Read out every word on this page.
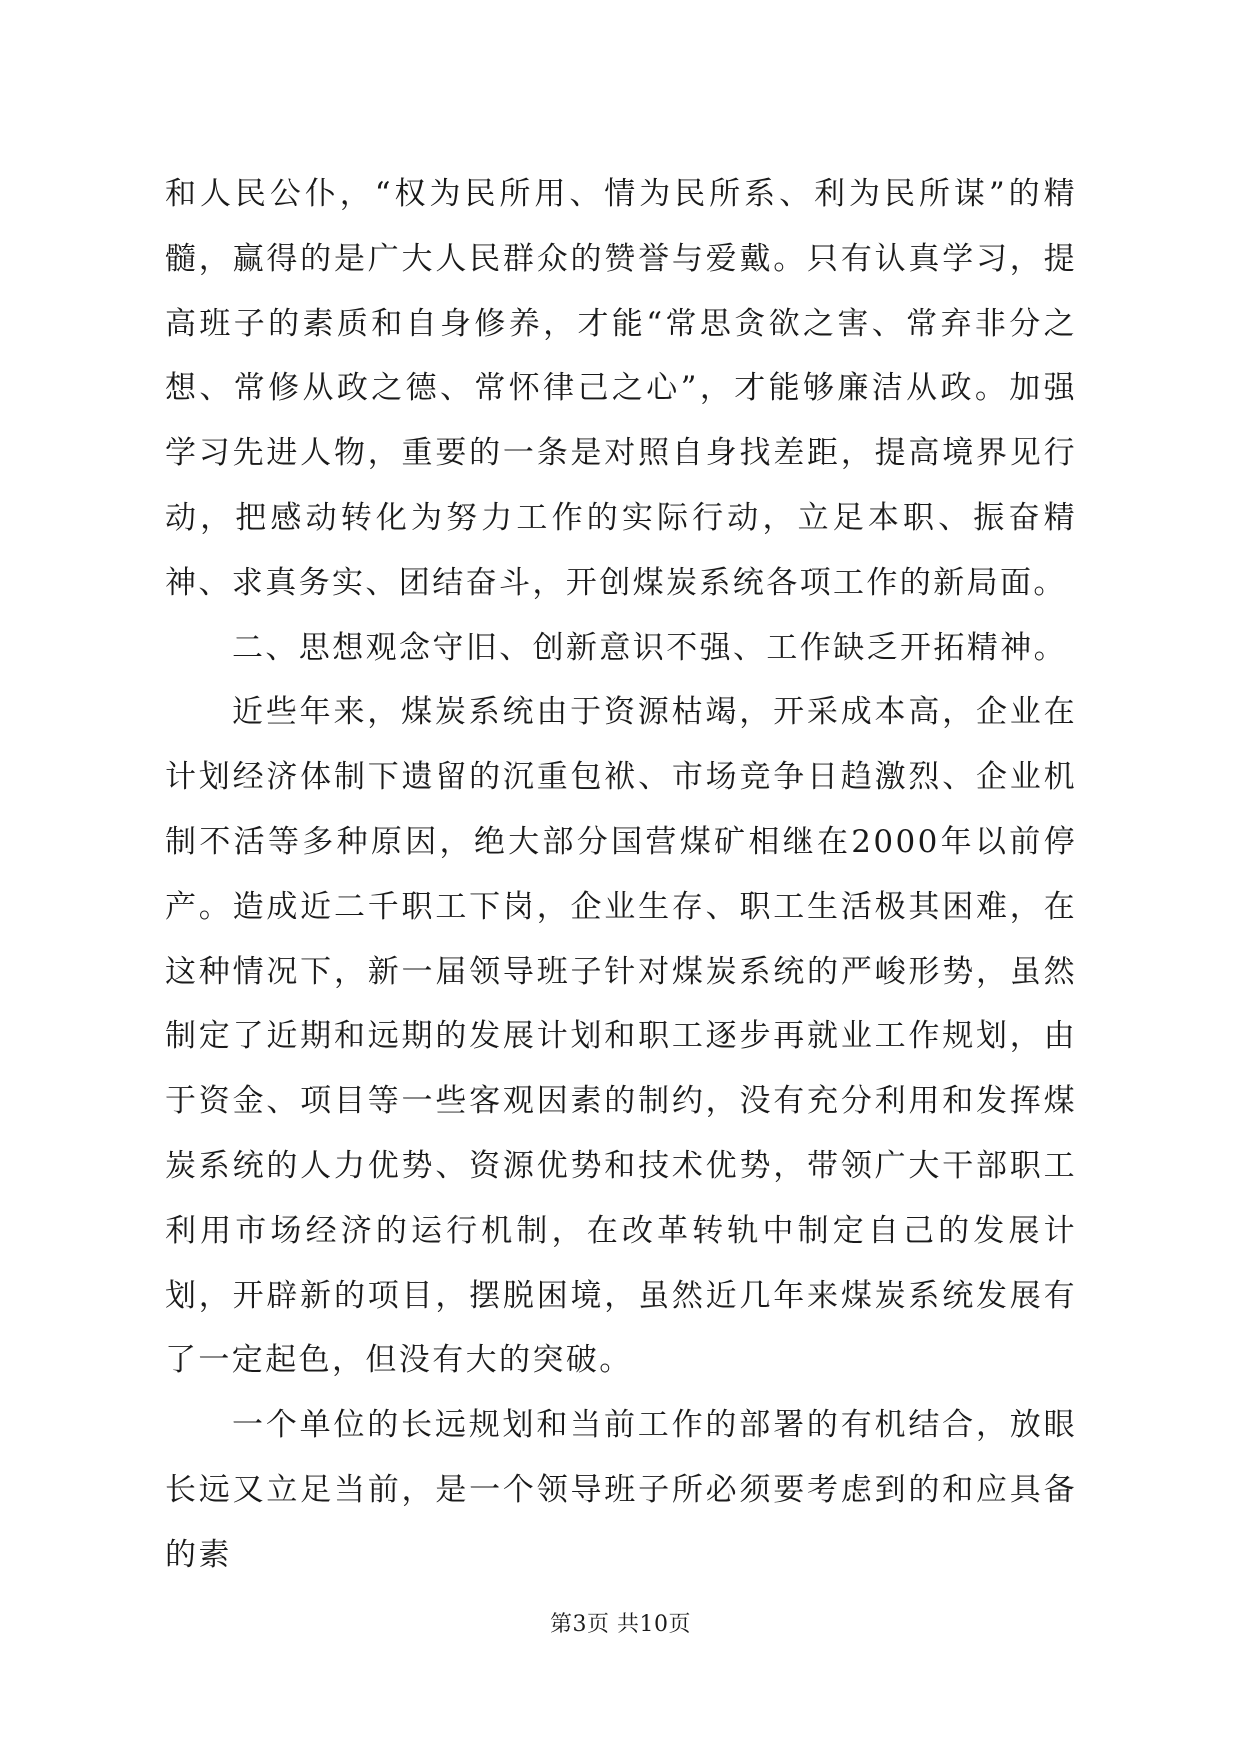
和人民公仆，“权为民所用、情为民所系、利为民所谋”的精髓，赢得的是广大人民群众的赞誉与爱戴。只有认真学习，提高班子的素质和自身修养，才能“常思贪欲之害、常弃非分之想、常修从政之德、常怀律己之心”，才能够廉洁从政。加强学习先进人物，重要的一条是对照自身找差距，提高境界见行动，把感动转化为努力工作的实际行动，立足本职、振奋精神、求真务实、团结奋斗，开创煤炭系统各项工作的新局面。

二、思想观念守旧、创新意识不强、工作缺乏开拓精神。

近些年来，煤炭系统由于资源枯竭，开采成本高，企业在计划经济体制下遗留的沉重包袱、市场竞争日趋激烈、企业机制不活等多种原因，绝大部分国营煤矿相继在2000年以前停产。造成近二千职工下岗，企业生存、职工生活极其困难，在这种情况下，新一届领导班子针对煤炭系统的严峻形势，虽然制定了近期和远期的发展计划和职工逐步再就业工作规划，由于资金、项目等一些客观因素的制约，没有充分利用和发挥煤炭系统的人力优势、资源优势和技术优势，带领广大干部职工利用市场经济的运行机制，在改革转轨中制定自己的发展计划，开辟新的项目，摆脱困境，虽然近几年来煤炭系统发展有了一定起色，但没有大的突破。

一个单位的长远规划和当前工作的部署的有机结合，放眼长远又立足当前，是一个领导班子所必须要考虑到的和应具备的素

第3页 共10页
